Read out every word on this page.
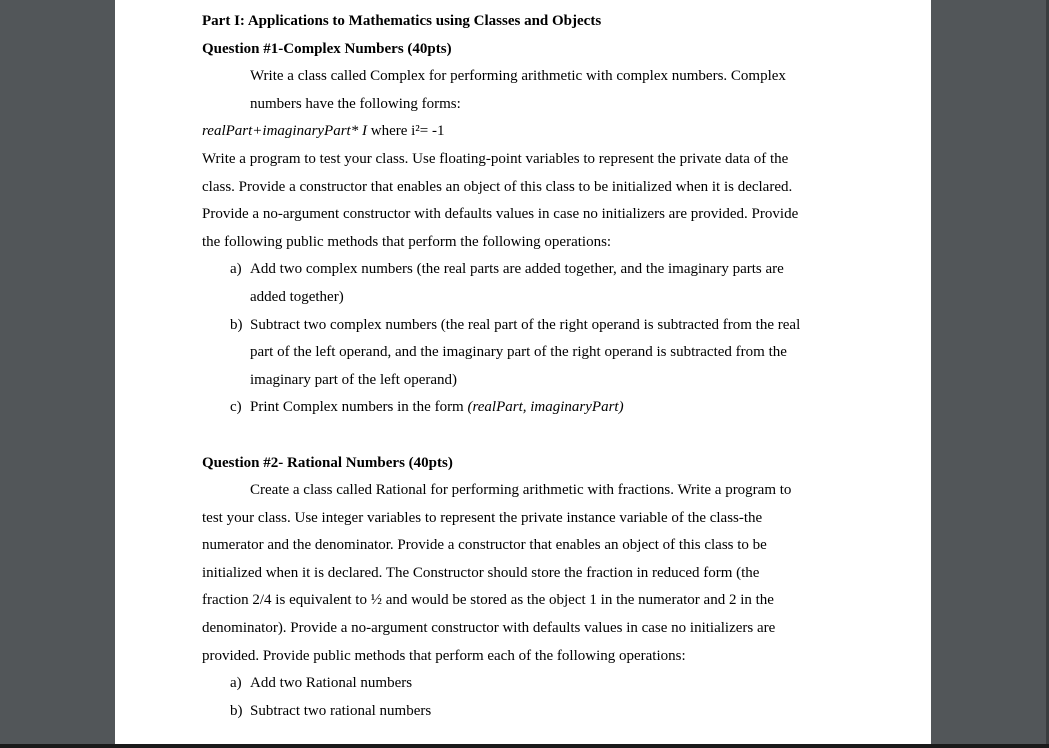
Part I: Applications to Mathematics using Classes and Objects
Question #1-Complex Numbers (40pts)
Write a class called Complex for performing arithmetic with complex numbers. Complex
numbers have the following forms:
realPart+imaginaryPart* I where i²= -1
Write a program to test your class. Use floating-point variables to represent the private data of the
class. Provide a constructor that enables an object of this class to be initialized when it is declared.
Provide a no-argument constructor with defaults values in case no initializers are provided. Provide
the following public methods that perform the following operations:
a) Add two complex numbers (the real parts are added together, and the imaginary parts are
added together)
b) Subtract two complex numbers (the real part of the right operand is subtracted from the real
part of the left operand, and the imaginary part of the right operand is subtracted from the
imaginary part of the left operand)
c) Print Complex numbers in the form (realPart, imaginaryPart)
Question #2- Rational Numbers (40pts)
Create a class called Rational for performing arithmetic with fractions. Write a program to
test your class. Use integer variables to represent the private instance variable of the class-the
numerator and the denominator. Provide a constructor that enables an object of this class to be
initialized when it is declared. The Constructor should store the fraction in reduced form (the
fraction 2/4 is equivalent to ½ and would be stored as the object 1 in the numerator and 2 in the
denominator). Provide a no-argument constructor with defaults values in case no initializers are
provided. Provide public methods that perform each of the following operations:
a) Add two Rational numbers
b) Subtract two rational numbers
